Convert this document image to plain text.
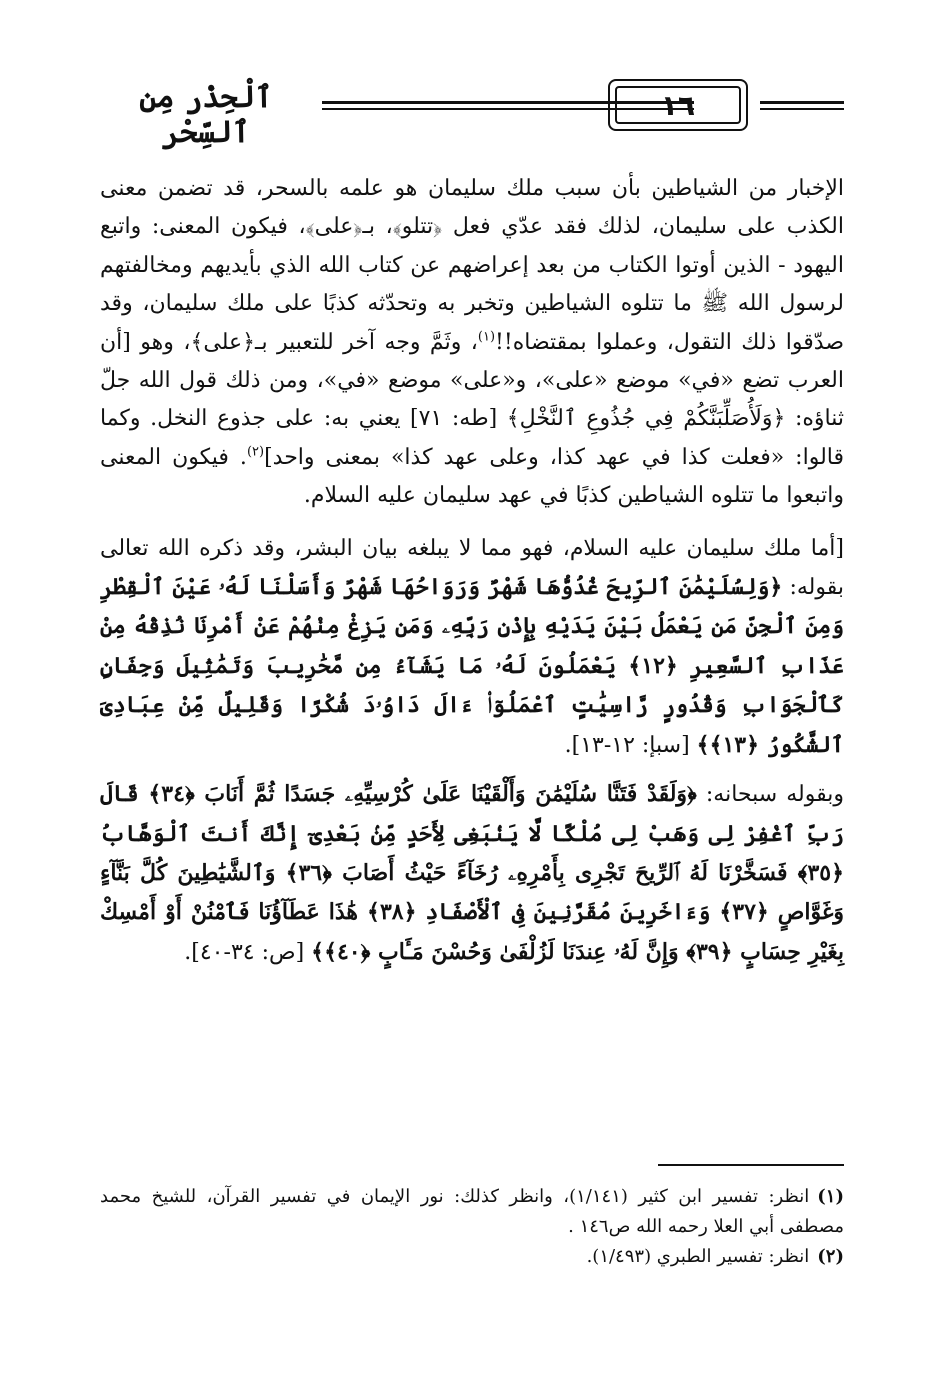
١٦
ٱلْحِذْر مِن ٱلسِّحْر

الإخبار من الشياطين بأن سبب ملك سليمان هو علمه بالسحر، قد تضمن معنى الكذب على سليمان، لذلك فقد عدّي فعل ﴿تتلو﴾، بـ﴿على﴾، فيكون المعنى: واتبع اليهود - الذين أوتوا الكتاب من بعد إعراضهم عن كتاب الله الذي بأيديهم ومخالفتهم لرسول الله ﷺ ما تتلوه الشياطين وتخبر به وتحدّثه كذبًا على ملك سليمان، وقد صدّقوا ذلك التقول، وعملوا بمقتضاه!!$^{(١)}$، وثَمَّ وجه آخر للتعبير بـ﴿على﴾، وهو [أن العرب تضع «في» موضع «على»، و«على» موضع «في»، ومن ذلك قول الله جلّ ثناؤه: ﴿وَلَأُصَلِّبَنَّكُمْ فِي جُذُوعِ ٱلنَّخْلِ﴾ [طه: ٧١] يعني به: على جذوع النخل. وكما قالوا: «فعلت كذا في عهد كذا، وعلى عهد كذا» بمعنى واحد]$^{(٢)}$. فيكون المعنى واتبعوا ما تتلوه الشياطين كذبًا في عهد سليمان عليه السلام.

[أما ملك سليمان عليه السلام، فهو مما لا يبلغه بيان البشر، وقد ذكره الله تعالى بقوله: ﴿وَلِسُلَيْمَٰنَ ٱلرِّيحَ غُدُوُّهَا شَهْرٌ وَرَوَاحُهَا شَهْرٌ وَأَسَلْنَا لَهُۥ عَيْنَ ٱلْقِطْرِ وَمِنَ ٱلْجِنِّ مَن يَعْمَلُ بَيْنَ يَدَيْهِ بِإِذْنِ رَبِّهِۦ وَمَن يَزِغْ مِنْهُمْ عَنْ أَمْرِنَا نُذِقْهُ مِنْ عَذَابِ ٱلسَّعِيرِ ﴿١٢﴾ يَعْمَلُونَ لَهُۥ مَا يَشَآءُ مِن مَّحَٰرِيبَ وَتَمَٰثِيلَ وَجِفَانٍ كَٱلْجَوَابِ وَقُدُورٍ رَّاسِيَٰتٍ ٱعْمَلُوٓا۟ ءَالَ دَاوُۥدَ شُكْرًا وَقَلِيلٌ مِّنْ عِبَادِىَ ٱلشَّكُورُ ﴿١٣﴾﴾ [سبإ: ١٢-١٣].

وبقوله سبحانه: ﴿وَلَقَدْ فَتَنَّا سُلَيْمَٰنَ وَأَلْقَيْنَا عَلَىٰ كُرْسِيِّهِۦ جَسَدًا ثُمَّ أَنَابَ ﴿٣٤﴾ قَالَ رَبِّ ٱغْفِرْ لِى وَهَبْ لِى مُلْكًا لَّا يَنۢبَغِى لِأَحَدٍ مِّنۢ بَعْدِىٓ إِنَّكَ أَنتَ ٱلْوَهَّابُ ﴿٣٥﴾ فَسَخَّرْنَا لَهُ ٱلرِّيحَ تَجْرِى بِأَمْرِهِۦ رُخَآءً حَيْثُ أَصَابَ ﴿٣٦﴾ وَٱلشَّيَٰطِينَ كُلَّ بَنَّآءٍ وَغَوَّاصٍ ﴿٣٧﴾ وَءَاخَرِينَ مُقَرَّنِينَ فِى ٱلْأَصْفَادِ ﴿٣٨﴾ هَٰذَا عَطَآؤُنَا فَٱمْنُنْ أَوْ أَمْسِكْ بِغَيْرِ حِسَابٍ ﴿٣٩﴾ وَإِنَّ لَهُۥ عِندَنَا لَزُلْفَىٰ وَحُسْنَ مَـَٔابٍ ﴿٤٠﴾﴾ [ص: ٣٤-٤٠].

(١)انظر: تفسير ابن كثير (١/١٤١)، وانظر كذلك: نور الإيمان في تفسير القرآن، للشيخ محمد مصطفى أبي العلا رحمه الله ص١٤٦ .

(٢)انظر: تفسير الطبري (١/٤٩٣).
